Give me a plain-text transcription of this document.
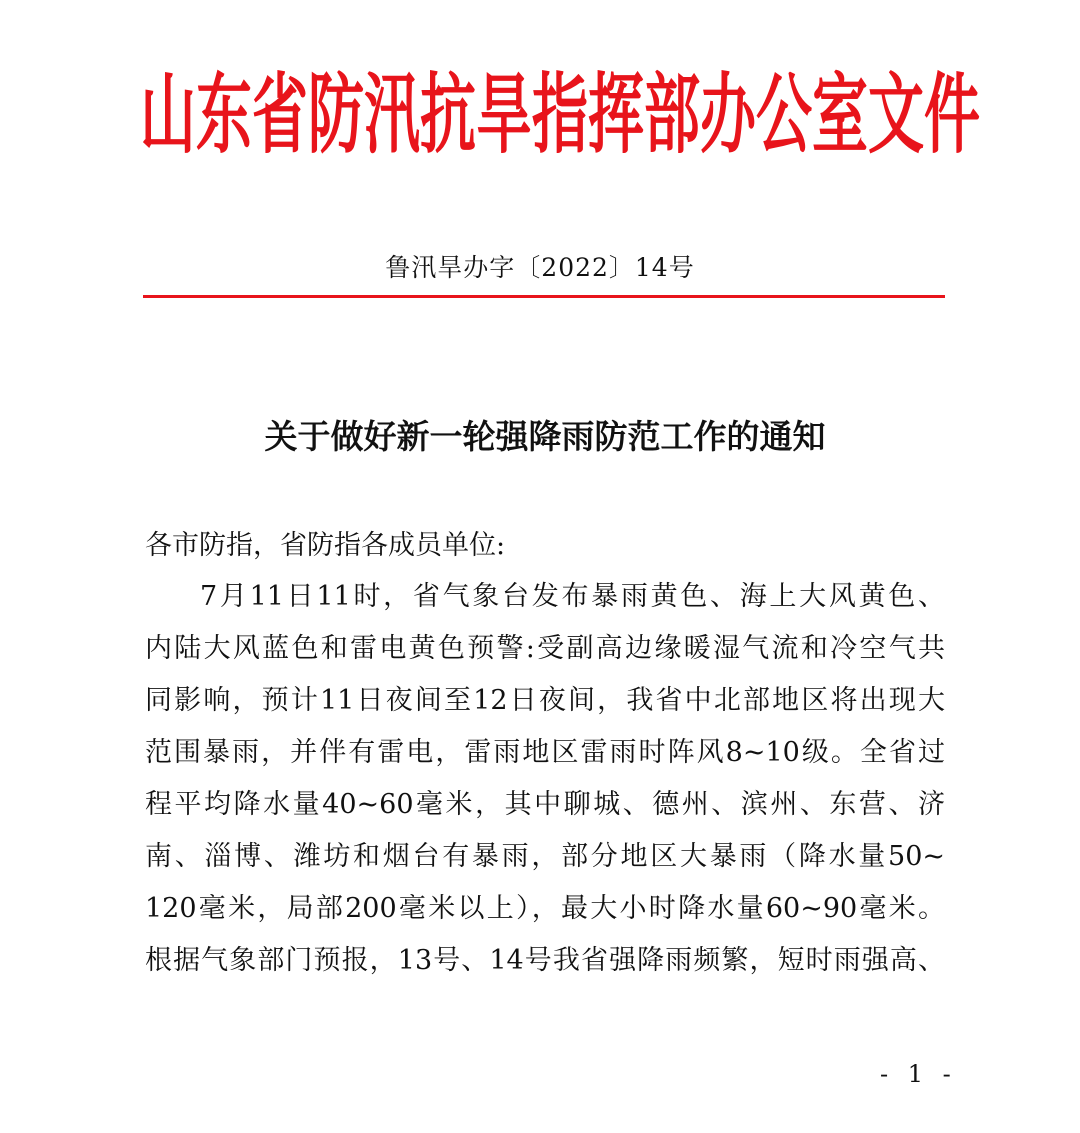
山东省防汛抗旱指挥部办公室文件
鲁汛旱办字〔2022〕14号
关于做好新一轮强降雨防范工作的通知
各市防指，省防指各成员单位:
7月11日11时，省气象台发布暴雨黄色、海上大风黄色、
内陆大风蓝色和雷电黄色预警:受副高边缘暖湿气流和冷空气共
同影响，预计11日夜间至12日夜间，我省中北部地区将出现大
范围暴雨，并伴有雷电，雷雨地区雷雨时阵风8~10级。全省过
程平均降水量40~60毫米，其中聊城、德州、滨州、东营、济
南、淄博、潍坊和烟台有暴雨，部分地区大暴雨（降水量50~
120毫米，局部200毫米以上），最大小时降水量60~90毫米。
根据气象部门预报，13号、14号我省强降雨频繁，短时雨强高、
- 1 -
